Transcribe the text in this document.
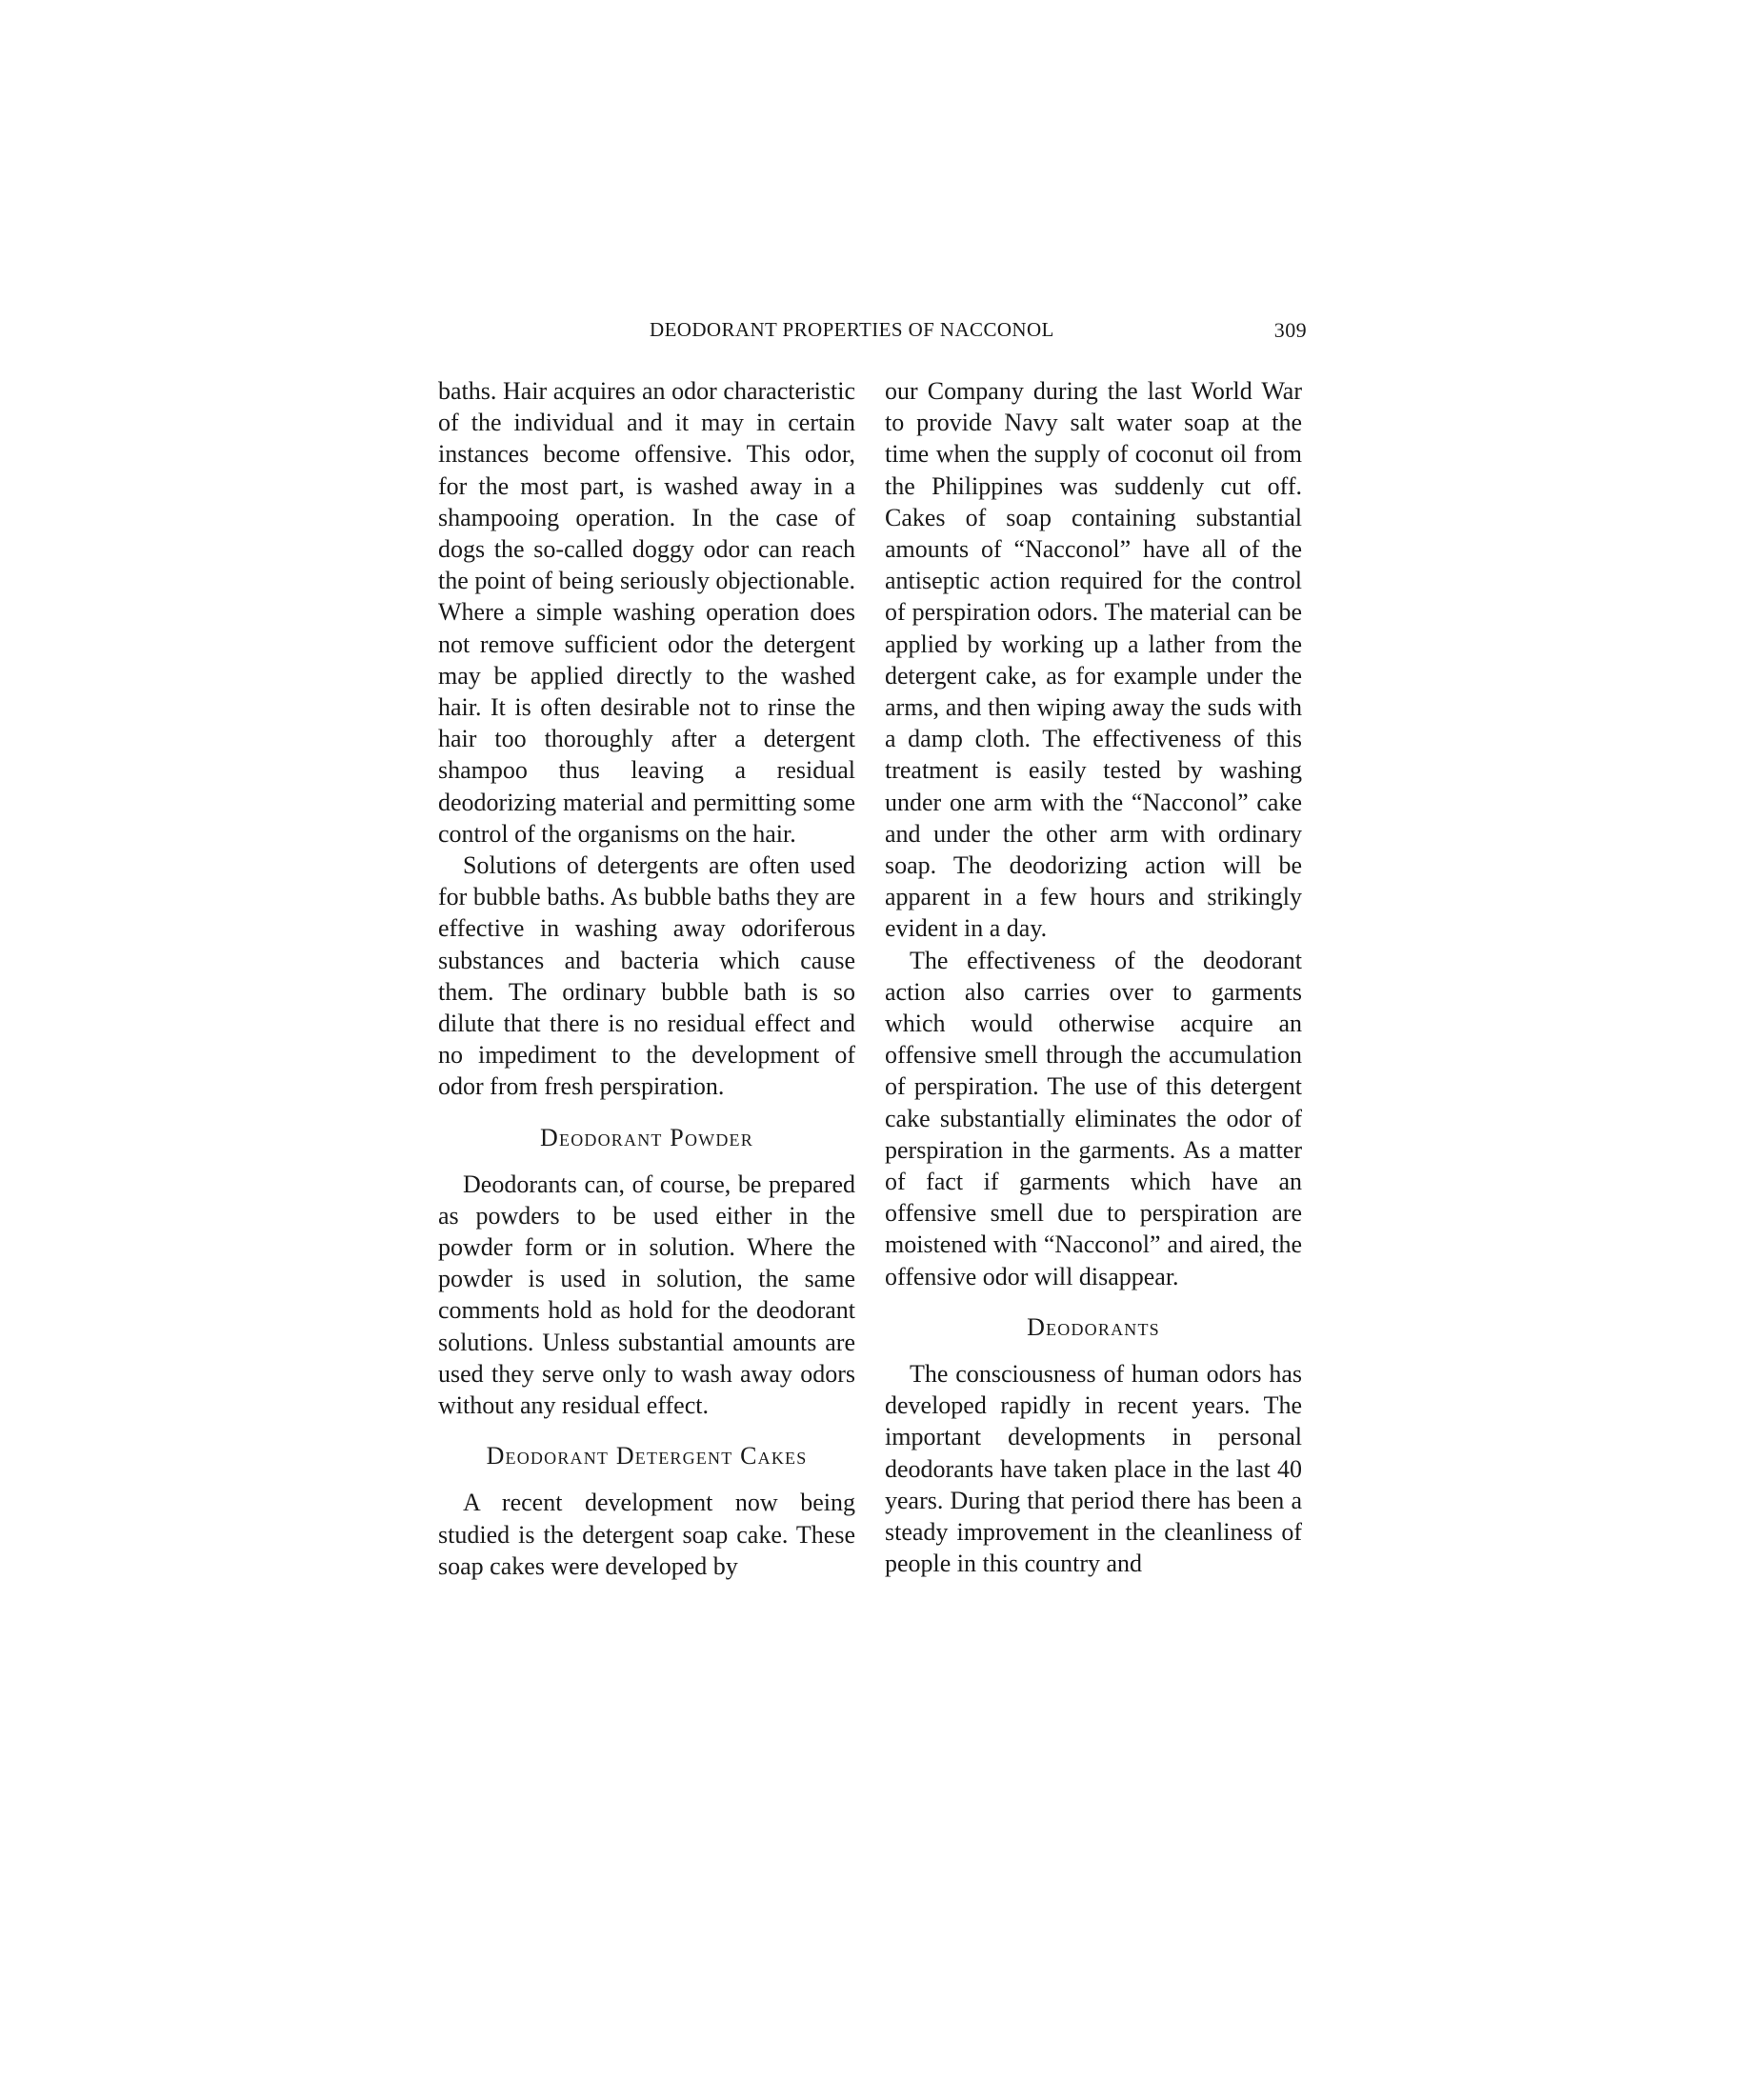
DEODORANT PROPERTIES OF NACCONOL	309

baths. Hair acquires an odor characteristic of the individual and it may in certain instances become offensive. This odor, for the most part, is washed away in a shampooing operation. In the case of dogs the so-called doggy odor can reach the point of being seriously objectionable. Where a simple washing operation does not remove sufficient odor the detergent may be applied directly to the washed hair. It is often desirable not to rinse the hair too thoroughly after a detergent shampoo thus leaving a residual deodorizing material and permitting some control of the organisms on the hair.

Solutions of detergents are often used for bubble baths. As bubble baths they are effective in washing away odoriferous substances and bacteria which cause them. The ordinary bubble bath is so dilute that there is no residual effect and no impediment to the development of odor from fresh perspiration.

Deodorant Powder

Deodorants can, of course, be prepared as powders to be used either in the powder form or in solution. Where the powder is used in solution, the same comments hold as hold for the deodorant solutions. Unless substantial amounts are used they serve only to wash away odors without any residual effect.

Deodorant Detergent Cakes

A recent development now being studied is the detergent soap cake. These soap cakes were developed by

our Company during the last World War to provide Navy salt water soap at the time when the supply of coconut oil from the Philippines was suddenly cut off. Cakes of soap containing substantial amounts of “Nacconol” have all of the antiseptic action required for the control of perspiration odors. The material can be applied by working up a lather from the detergent cake, as for example under the arms, and then wiping away the suds with a damp cloth. The effectiveness of this treatment is easily tested by washing under one arm with the “Nacconol” cake and under the other arm with ordinary soap. The deodorizing action will be apparent in a few hours and strikingly evident in a day.

The effectiveness of the deodorant action also carries over to garments which would otherwise acquire an offensive smell through the accumulation of perspiration. The use of this detergent cake substantially eliminates the odor of perspiration in the garments. As a matter of fact if garments which have an offensive smell due to perspiration are moistened with “Nacconol” and aired, the offensive odor will disappear.

Deodorants

The consciousness of human odors has developed rapidly in recent years. The important developments in personal deodorants have taken place in the last 40 years. During that period there has been a steady improvement in the cleanliness of people in this country and
